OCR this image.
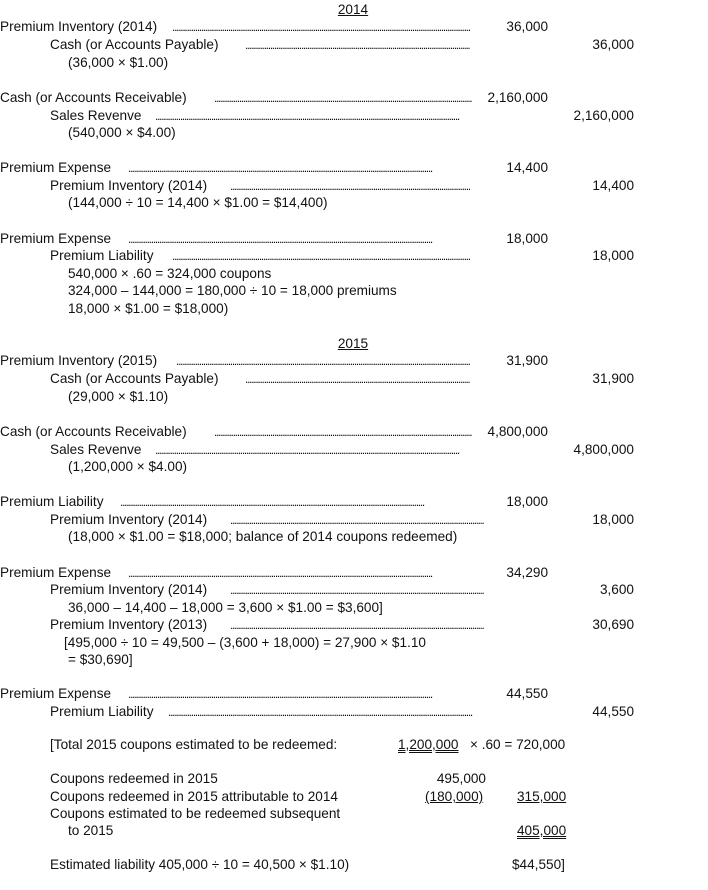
2014
Premium Inventory (2014) . . .	36,000
Cash (or Accounts Payable) . . .	36,000
(36,000 × $1.00)
Cash (or Accounts Receivable) . . .	2,160,000
Sales Revenve . . .	2,160,000
(540,000 × $4.00)
Premium Expense . . .	14,400
Premium Inventory (2014) . . .	14,400
(144,000 ÷ 10 = 14,400 × $1.00 = $14,400)
Premium Expense . . .	18,000
Premium Liability . . .	18,000
540,000 × .60 = 324,000 coupons
324,000 – 144,000 = 180,000 ÷ 10 = 18,000 premiums
18,000 × $1.00 = $18,000)
2015
Premium Inventory (2015) . . .	31,900
Cash (or Accounts Payable) . . .	31,900
(29,000 × $1.10)
Cash (or Accounts Receivable) . . .	4,800,000
Sales Revenve . . .	4,800,000
(1,200,000 × $4.00)
Premium Liability . . .	18,000
Premium Inventory (2014) . . .	18,000
(18,000 × $1.00 = $18,000; balance of 2014 coupons redeemed)
Premium Expense . . .	34,290
Premium Inventory (2014) . . .	3,600
36,000 – 14,400 – 18,000 = 3,600 × $1.00 = $3,600]
Premium Inventory (2013) . . .	30,690
[495,000 ÷ 10 = 49,500 – (3,600 + 18,000) = 27,900 × $1.10
= $30,690]
Premium Expense . . .	44,550
Premium Liability . . .	44,550
[Total 2015 coupons estimated to be redeemed:	1,200,000 × .60 = 720,000
Coupons redeemed in 2015	495,000
Coupons redeemed in 2015 attributable to 2014	(180,000) 315,000
Coupons estimated to be redeemed subsequent
to 2015	405,000
Estimated liability 405,000 ÷ 10 = 40,500 × $1.10)	$44,550]
